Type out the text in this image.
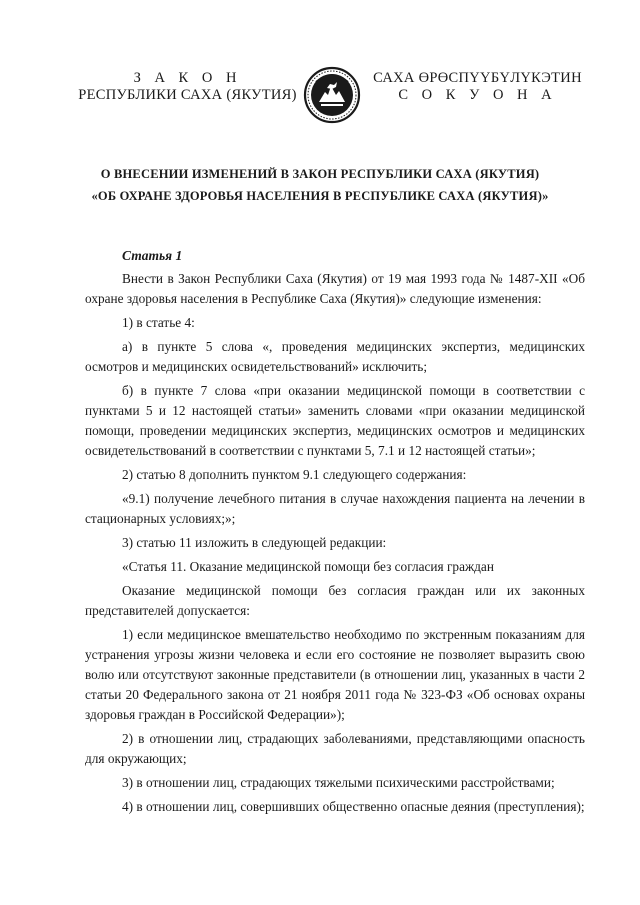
З А К О Н
РЕСПУБЛИКИ САХА (ЯКУТИЯ)
САХА ӨРӨСПҮҮБҮЛҮКЭТИН
С О К У О Н А
О ВНЕСЕНИИ ИЗМЕНЕНИЙ В ЗАКОН РЕСПУБЛИКИ САХА (ЯКУТИЯ)
«ОБ ОХРАНЕ ЗДОРОВЬЯ НАСЕЛЕНИЯ В РЕСПУБЛИКЕ САХА (ЯКУТИЯ)»
Статья 1

Внести в Закон Республики Саха (Якутия) от 19 мая 1993 года № 1487-XII «Об охране здоровья населения в Республике Саха (Якутия)» следующие изменения:

1) в статье 4:

а) в пункте 5 слова «, проведения медицинских экспертиз, медицинских осмотров и медицинских освидетельствований» исключить;

б) в пункте 7 слова «при оказании медицинской помощи в соответствии с пунктами 5 и 12 настоящей статьи» заменить словами «при оказании медицинской помощи, проведении медицинских экспертиз, медицинских осмотров и медицинских освидетельствований в соответствии с пунктами 5, 7.1 и 12 настоящей статьи»;

2) статью 8 дополнить пунктом 9.1 следующего содержания:

«9.1) получение лечебного питания в случае нахождения пациента на лечении в стационарных условиях;»;

3) статью 11 изложить в следующей редакции:

«Статья 11. Оказание медицинской помощи без согласия граждан

Оказание медицинской помощи без согласия граждан или их законных представителей допускается:

1) если медицинское вмешательство необходимо по экстренным показаниям для устранения угрозы жизни человека и если его состояние не позволяет выразить свою волю или отсутствуют законные представители (в отношении лиц, указанных в части 2 статьи 20 Федерального закона от 21 ноября 2011 года № 323-ФЗ «Об основах охраны здоровья граждан в Российской Федерации»);

2) в отношении лиц, страдающих заболеваниями, представляющими опасность для окружающих;

3) в отношении лиц, страдающих тяжелыми психическими расстройствами;

4) в отношении лиц, совершивших общественно опасные деяния (преступления);
